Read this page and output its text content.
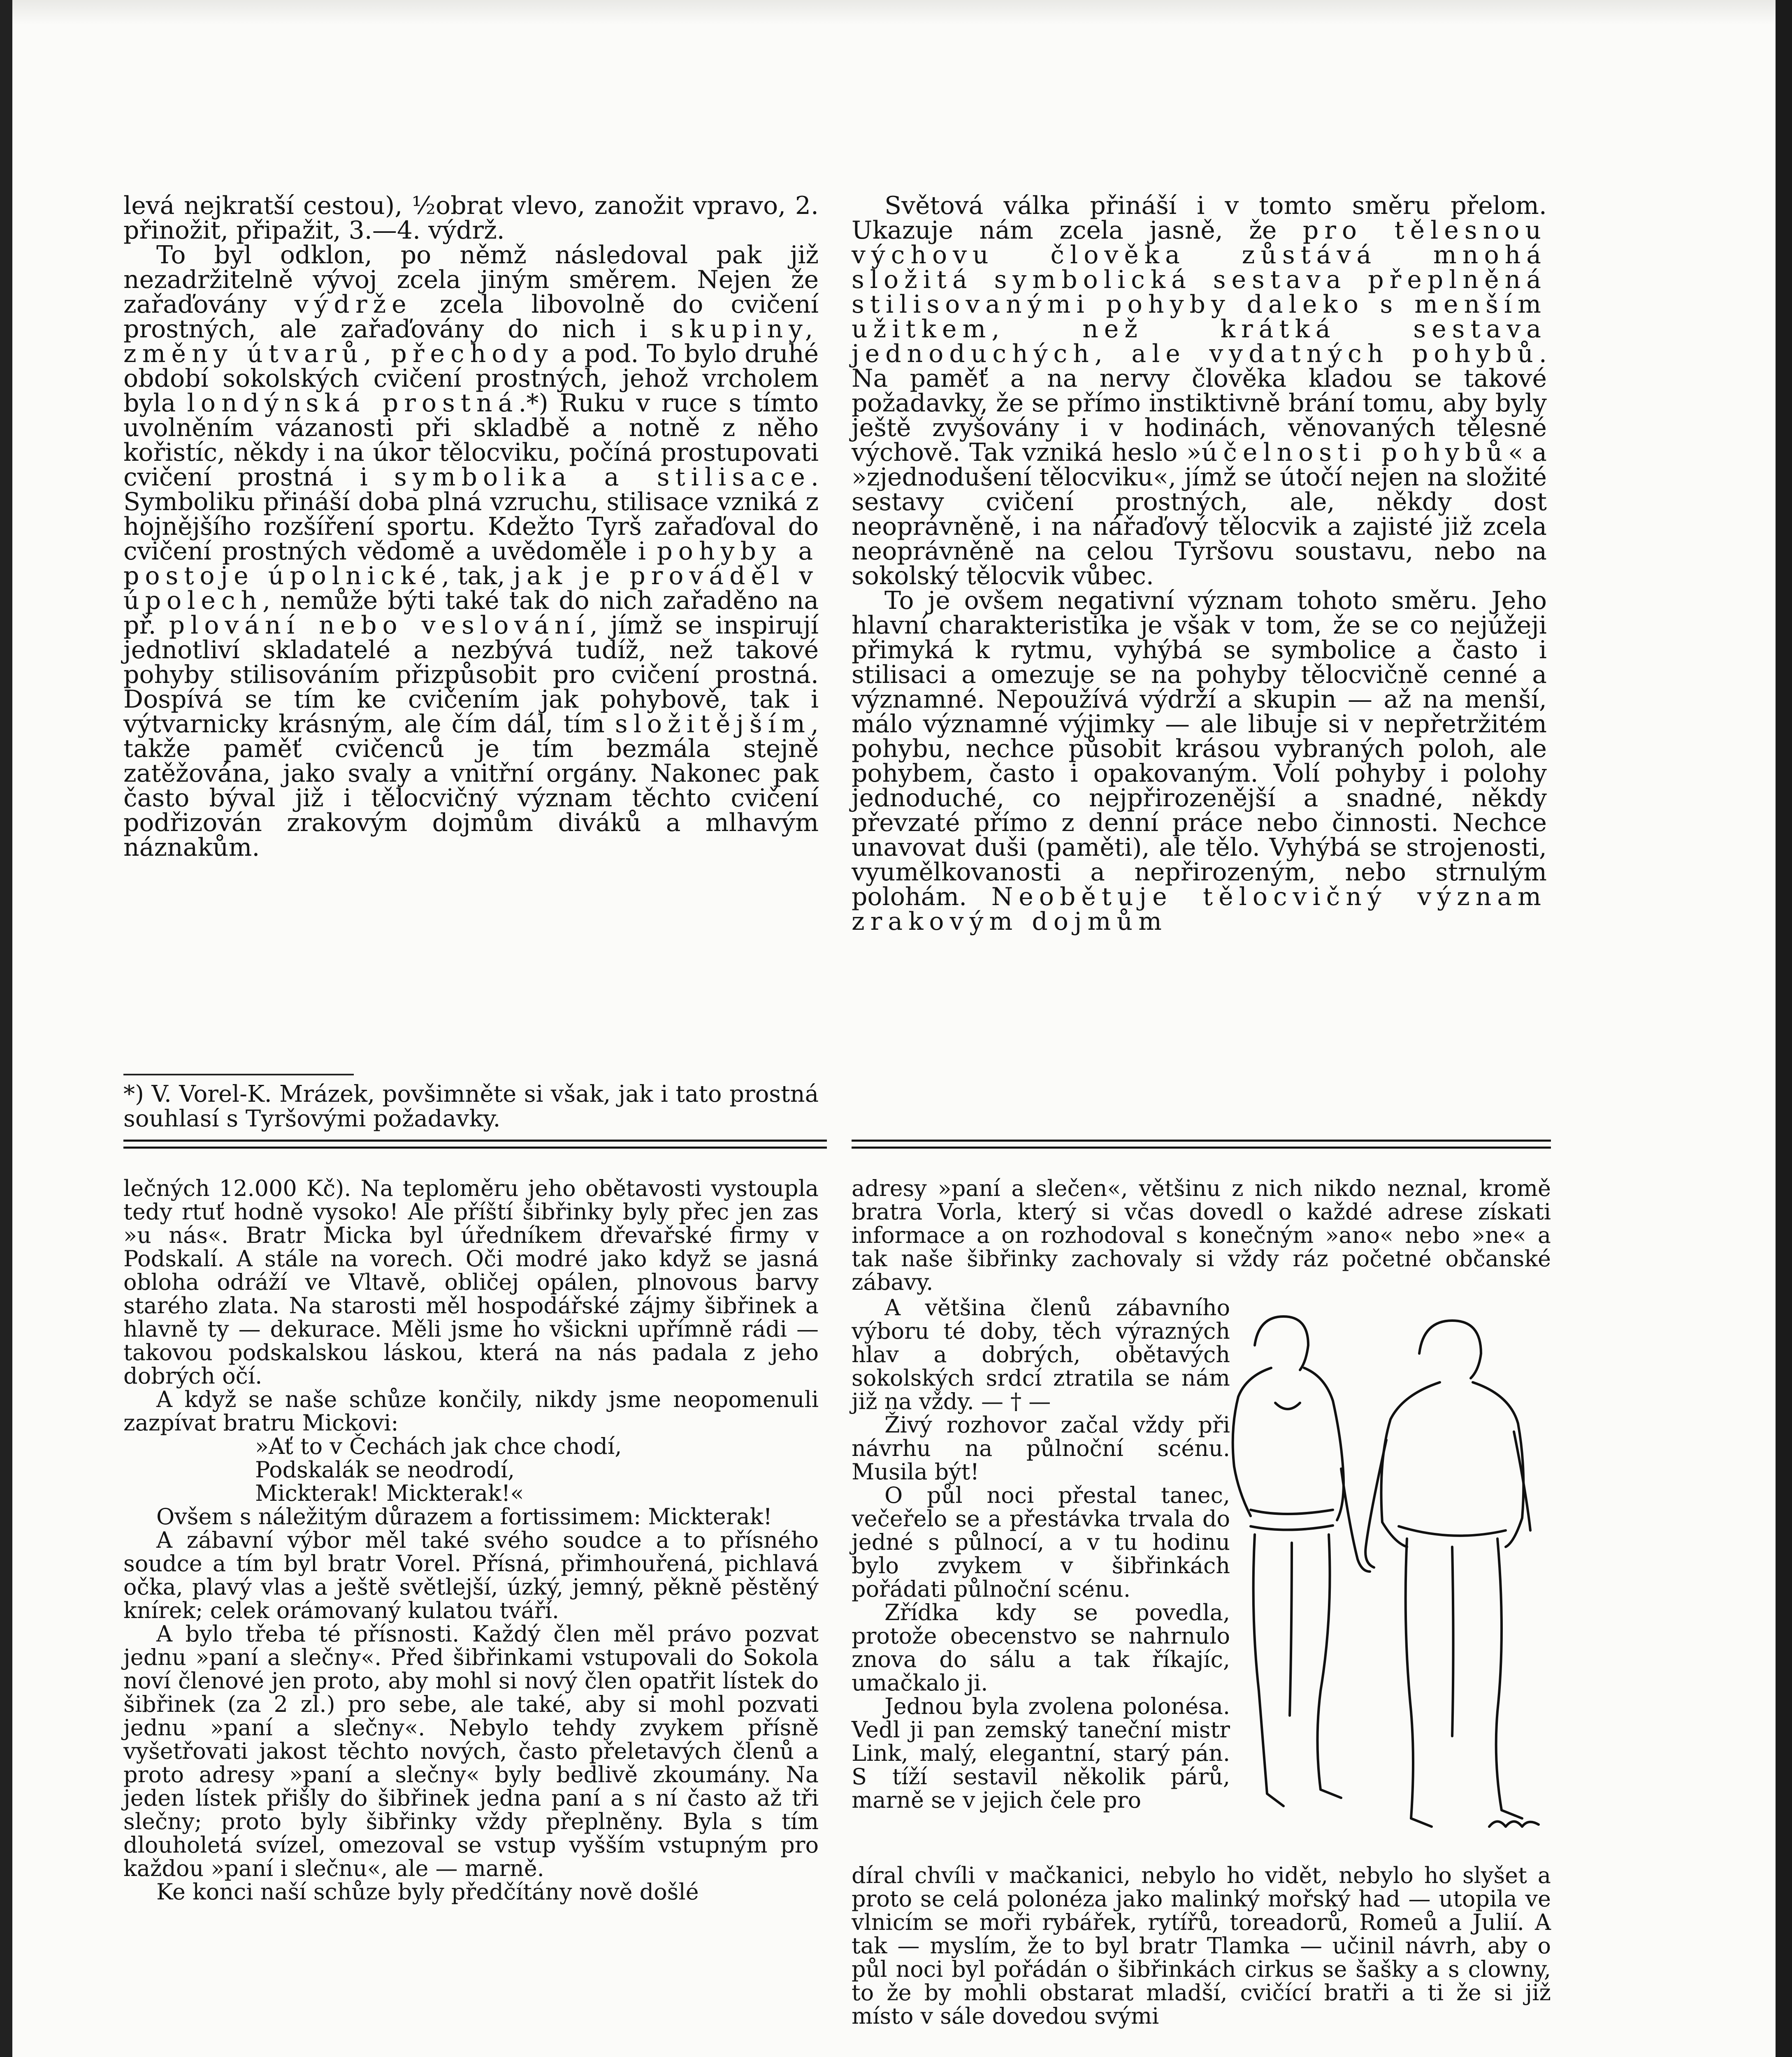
levá nejkratší cestou), ½obrat vlevo, zanožit vpravo, 2. přinožit, připažit, 3.—4. výdrž.

To byl odklon, po němž následoval pak již nezadržitelně vývoj zcela jiným směrem. Nejen že zařaďovány výdrže zcela libovolně do cvičení prostných, ale zařaďovány do nich i skupiny, změny útvarů, přechody a pod. To bylo druhé období sokolských cvičení prostných, jehož vrcholem byla londýnská prostná.*) Ruku v ruce s tímto uvolněním vázanosti při skladbě a notně z něho kořistíc, někdy i na úkor tělocviku, počíná prostupovati cvičení prostná i symbolika a stilisace. Symboliku přináší doba plná vzruchu, stilisace vzniká z hojnějšího rozšíření sportu. Kdežto Tyrš zařaďoval do cvičení prostných vědomě a uvědoměle i pohyby a postoje úpolnické, tak, jak je prováděl v úpolech, nemůže býti také tak do nich zařaděno na př. plování nebo veslování, jímž se inspirují jednotliví skladatelé a nezbývá tudíž, než takové pohyby stilisováním přizpůsobit pro cvičení prostná. Dospívá se tím ke cvičením jak pohybově, tak i výtvarnicky krásným, ale čím dál, tím složitějším, takže paměť cvičenců je tím bezmála stejně zatěžována, jako svaly a vnitřní orgány. Nakonec pak často býval již i tělocvičný význam těchto cvičení podřizován zrakovým dojmům diváků a mlhavým náznakům.

*) V. Vorel-K. Mrázek, povšimněte si však, jak i tato prostná souhlasí s Tyršovými požadavky.

Světová válka přináší i v tomto směru přelom. Ukazuje nám zcela jasně, že pro tělesnou výchovu člověka zůstává mnohá složitá symbolická sestava přeplněná stilisovanými pohyby daleko s menším užitkem, než krátká sestava jednoduchých, ale vydatných pohybů. Na paměť a na nervy člověka kladou se takové požadavky, že se přímo instiktivně brání tomu, aby byly ještě zvyšovány i v hodinách, věnovaných tělesné výchově. Tak vzniká heslo »účelnosti pohybů« a »zjednodušení tělocviku«, jímž se útočí nejen na složité sestavy cvičení prostných, ale, někdy dost neoprávněně, i na nářaďový tělocvik a zajisté již zcela neoprávněně na celou Tyršovu soustavu, nebo na sokolský tělocvik vůbec.

To je ovšem negativní význam tohoto směru. Jeho hlavní charakteristika je však v tom, že se co nejúžeji přimyká k rytmu, vyhýbá se symbolice a často i stilisaci a omezuje se na pohyby tělocvičně cenné a významné. Nepoužívá výdrží a skupin — až na menší, málo významné výjimky — ale libuje si v nepřetržitém pohybu, nechce působit krásou vybraných poloh, ale pohybem, často i opakovaným. Volí pohyby i polohy jednoduché, co nejpřirozenější a snadné, někdy převzaté přímo z denní práce nebo činnosti. Nechce unavovat duši (paměti), ale tělo. Vyhýbá se strojenosti, vyumělkovanosti a nepřirozeným, nebo strnulým polohám. Neobětuje tělocvičný význam zrakovým dojmům

lečných 12.000 Kč). Na teploměru jeho obětavosti vystoupla tedy rtuť hodně vysoko! Ale příští šibřinky byly přec jen zas »u nás«. Bratr Micka byl úředníkem dřevařské firmy v Podskalí. A stále na vorech. Oči modré jako když se jasná obloha odráží ve Vltavě, obličej opálen, plnovous barvy starého zlata. Na starosti měl hospodářské zájmy šibřinek a hlavně ty — dekurace. Měli jsme ho všickni upřímně rádi — takovou podskalskou láskou, která na nás padala z jeho dobrých očí.

A když se naše schůze končily, nikdy jsme neopomenuli zazpívat bratru Mickovi:

»Ať to v Čechách jak chce chodí,
Podskalák se neodrodí,
Mickterak! Mickterak!«

Ovšem s náležitým důrazem a fortissimem: Mickterak!

A zábavní výbor měl také svého soudce a to přísného soudce a tím byl bratr Vorel. Přísná, přimhouřená, pichlavá očka, plavý vlas a ještě světlejší, úzký, jemný, pěkně pěstěný knírek; celek orámovaný kulatou tváří.

A bylo třeba té přísnosti. Každý člen měl právo pozvat jednu »paní a slečny«. Před šibřinkami vstupovali do Sokola noví členové jen proto, aby mohl si nový člen opatřit lístek do šibřinek (za 2 zl.) pro sebe, ale také, aby si mohl pozvati jednu »paní a slečny«. Nebylo tehdy zvykem přísně vyšetřovati jakost těchto nových, často přeletavých členů a proto adresy »paní a slečny« byly bedlivě zkoumány. Na jeden lístek přišly do šibřinek jedna paní a s ní často až tři slečny; proto byly šibřinky vždy přeplněny. Byla s tím dlouholetá svízel, omezoval se vstup vyšším vstupným pro každou »paní i slečnu«, ale — marně.

Ke konci naší schůze byly předčítány nově došlé

adresy »paní a slečen«, většinu z nich nikdo neznal, kromě bratra Vorla, který si včas dovedl o každé adrese získati informace a on rozhodoval s konečným »ano« nebo »ne« a tak naše šibřinky zachovaly si vždy ráz početné občanské zábavy.

A většina členů zábavního výboru té doby, těch výrazných hlav a dobrých, obětavých sokolských srdcí ztratila se nám již na vždy. — † —

Živý rozhovor začal vždy při návrhu na půlnoční scénu. Musila být!

O půl noci přestal tanec, večeřelo se a přestávka trvala do jedné s půlnocí, a v tu hodinu bylo zvykem v šibřinkách pořádati půlnoční scénu.

Zřídka kdy se povedla, protože obecenstvo se nahrnulo znova do sálu a tak říkajíc, umačkalo ji.

Jednou byla zvolena polonésa. Vedl ji pan zemský taneční mistr Link, malý, elegantní, starý pán. S tíží sestavil několik párů, marně se v jejich čele pro

díral chvíli v mačkanici, nebylo ho vidět, nebylo ho slyšet a proto se celá polonéza jako malinký mořský had — utopila ve vlnicím se moři rybářek, rytířů, toreadorů, Romeů a Julií. A tak — myslím, že to byl bratr Tlamka — učinil návrh, aby o půl noci byl pořádán o šibřinkách cirkus se šašky a s clowny, to že by mohli obstarat mladší, cvičící bratři a ti že si již místo v sále dovedou svými
